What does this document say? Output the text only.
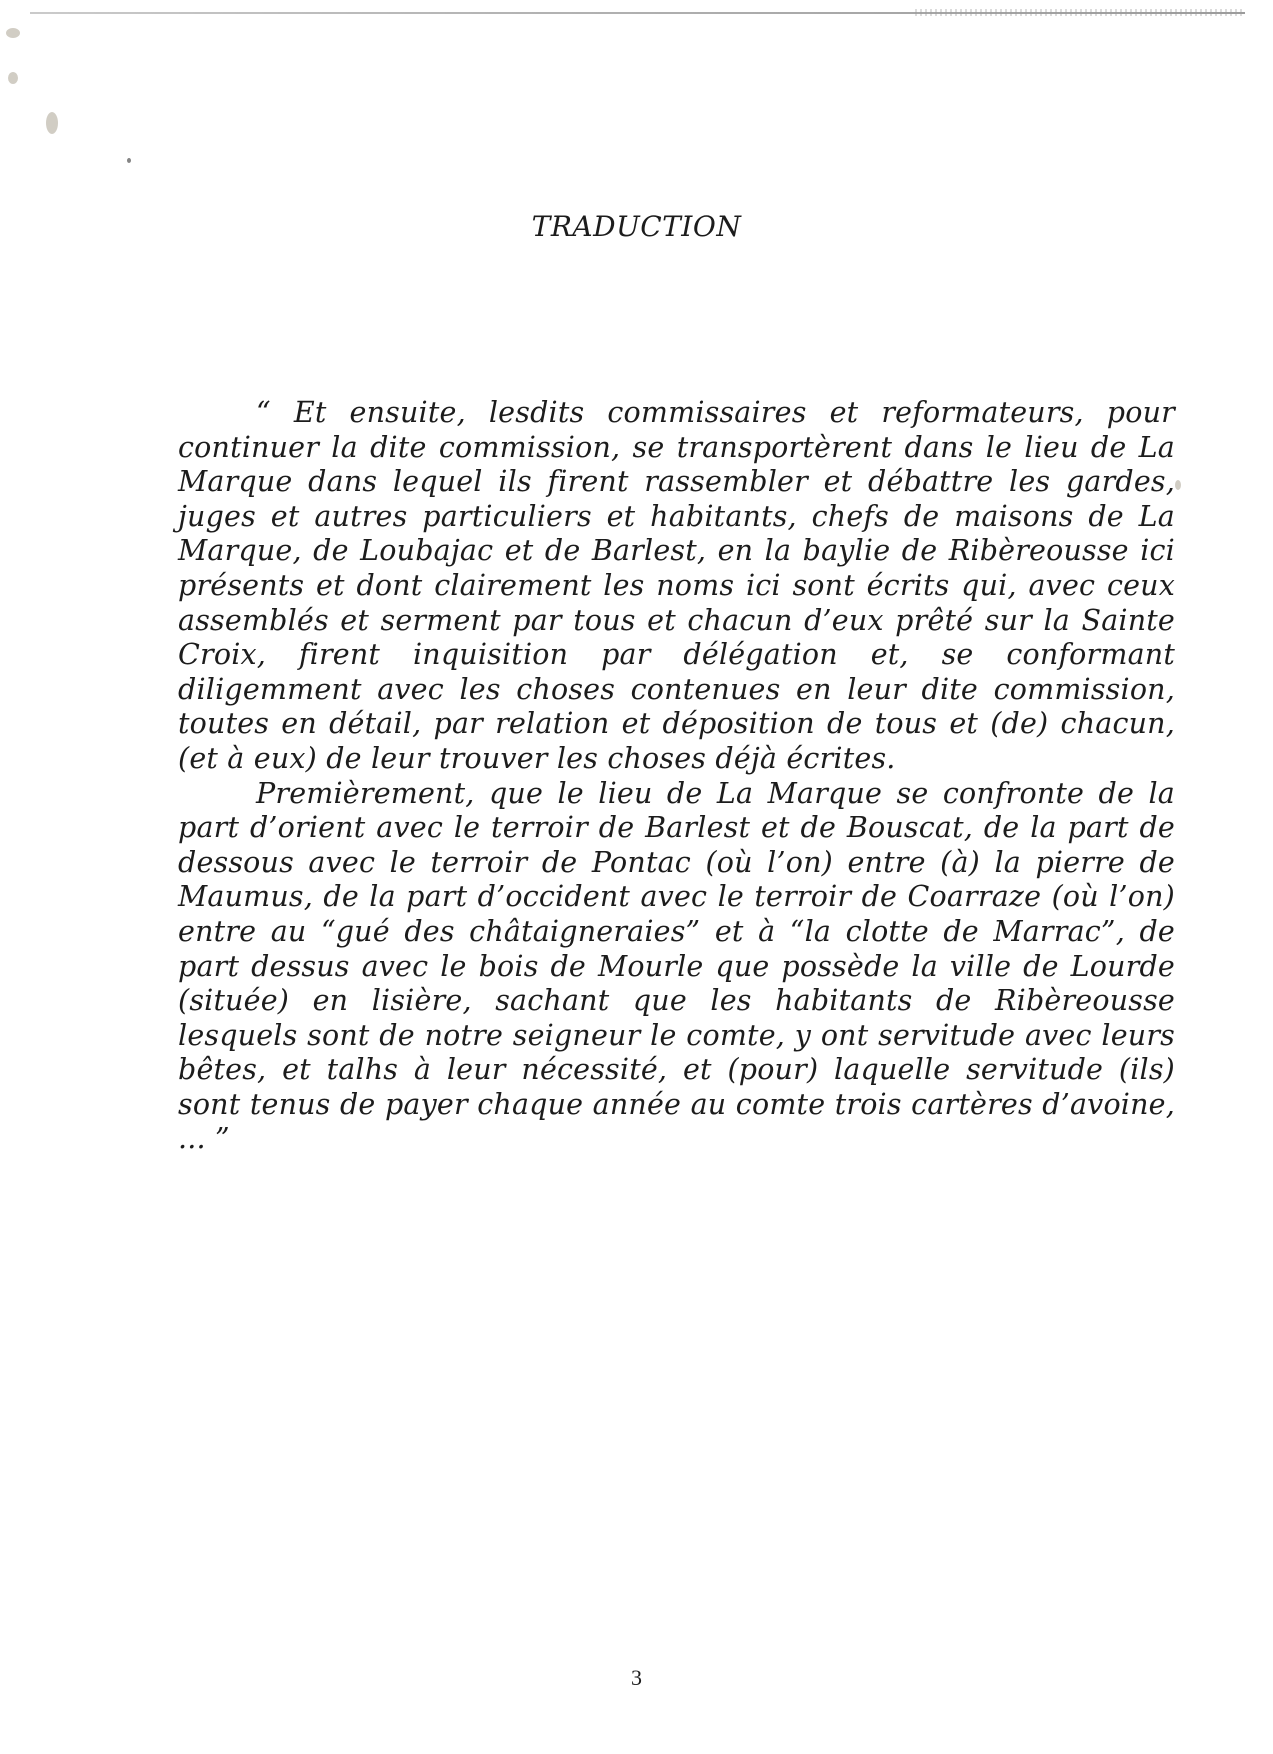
TRADUCTION

“ Et ensuite, lesdits commissaires et reformateurs, pour continuer la dite commission, se transportèrent dans le lieu de La Marque dans lequel ils firent rassembler et débattre les gardes, juges et autres particuliers et habitants, chefs de maisons de La Marque, de Loubajac et de Barlest, en la baylie de Ribèreousse ici présents et dont clairement les noms ici sont écrits qui, avec ceux assemblés et serment par tous et chacun d’eux prêté sur la Sainte Croix, firent inquisition par délégation et, se conformant diligemment avec les choses contenues en leur dite commission, toutes en détail, par relation et déposition de tous et (de) chacun, (et à eux) de leur trouver les choses déjà écrites.

Premièrement, que le lieu de La Marque se confronte de la part d’orient avec le terroir de Barlest et de Bouscat, de la part de dessous avec le terroir de Pontac (où l’on) entre (à) la pierre de Maumus, de la part d’occident avec le terroir de Coarraze (où l’on) entre au “gué des châtaigneraies” et à “la clotte de Marrac”, de part dessus avec le bois de Mourle que possède la ville de Lourde (située) en lisière, sachant que les habitants de Ribèreousse lesquels sont de notre seigneur le comte, y ont servitude avec leurs bêtes, et talhs à leur nécessité, et (pour) laquelle servitude (ils) sont tenus de payer chaque année au comte trois cartères d’avoine, ... ”

3
